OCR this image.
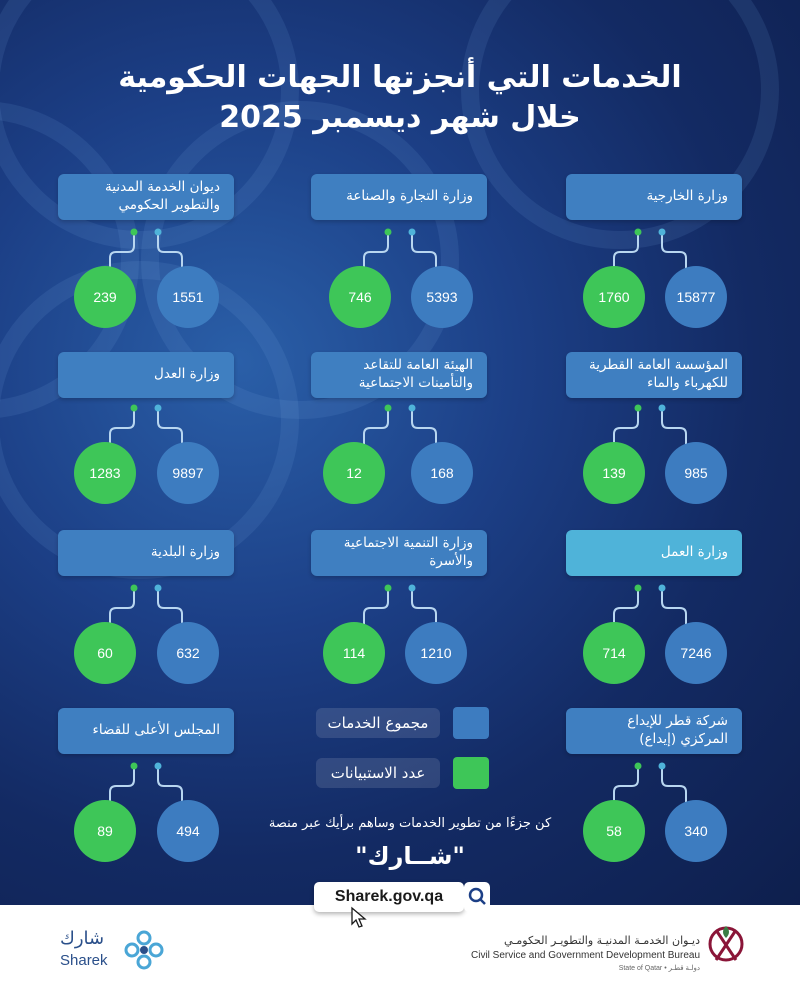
الخدمات التي أنجزتها الجهات الحكومية
خلال شهر ديسمبر 2025
وزارة الخارجية
1760	15877
وزارة التجارة والصناعة
746	5393
ديوان الخدمة المدنية والتطوير الحكومي
239	1551
المؤسسة العامة القطرية للكهرباء والماء
139	985
الهيئة العامة للتقاعد والتأمينات الاجتماعية
12	168
وزارة العدل
1283	9897
وزارة العمل
714	7246
وزارة التنمية الاجتماعية والأسرة
114	1210
وزارة البلدية
60	632
شركة قطر للإيداع المركزي (إيداع)
58	340
المجلس الأعلى للقضاء
89	494
مجموع الخدمات
عدد الاستبيانات
كن جزءًا من تطوير الخدمات وساهم برأيك عبر منصة
"شــارك"
Sharek.gov.qa
شارك
Sharek
ديـوان الخدمـة المدنيـة والتطويـر الحكومـي
Civil Service and Government Development Bureau
State of Qatar • دولـة قطـر
